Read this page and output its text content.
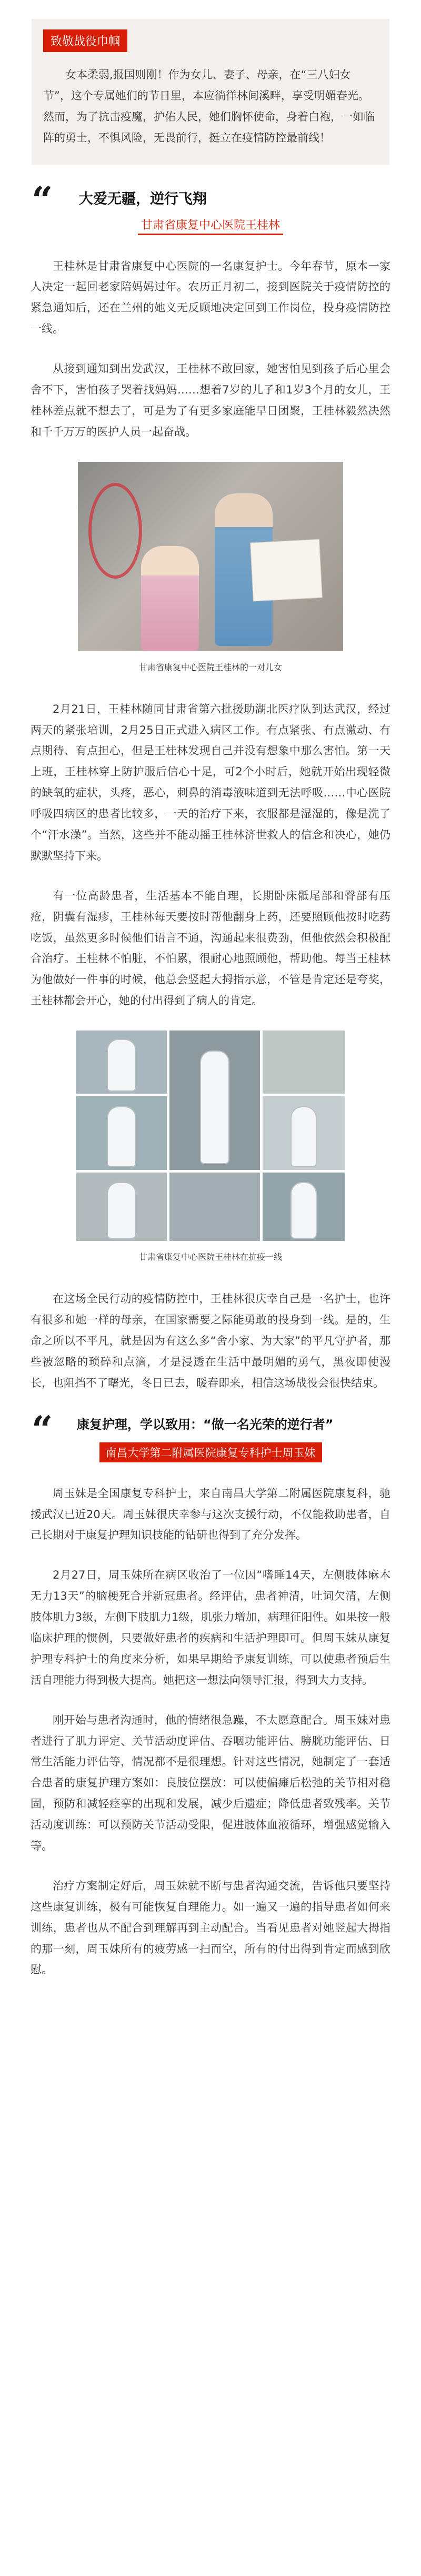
致敬战役巾帼
女本柔弱,报国则刚！作为女儿、妻子、母亲，在“三八妇女节”，这个专属她们的节日里，本应徜徉林间溪畔，享受明媚春光。然而，为了抗击疫魔，护佑人民，她们胸怀使命，身着白袍，一如临阵的勇士，不惧风险，无畏前行，挺立在疫情防控最前线！
“	大爱无疆，逆行飞翔
甘肃省康复中心医院王桂林

王桂林是甘肃省康复中心医院的一名康复护士。今年春节，原本一家人决定一起回老家陪妈妈过年。农历正月初二，接到医院关于疫情防控的紧急通知后，还在兰州的她义无反顾地决定回到工作岗位，投身疫情防控一线。

从接到通知到出发武汉，王桂林不敢回家，她害怕见到孩子后心里会舍不下，害怕孩子哭着找妈妈……想着7岁的儿子和1岁3个月的女儿，王桂林差点就不想去了，可是为了有更多家庭能早日团聚，王桂林毅然决然和千千万万的医护人员一起奋战。

甘肃省康复中心医院王桂林的一对儿女

2月21日，王桂林随同甘肃省第六批援助湖北医疗队到达武汉，经过两天的紧张培训，2月25日正式进入病区工作。有点紧张、有点激动、有点期待、有点担心，但是王桂林发现自己并没有想象中那么害怕。第一天上班，王桂林穿上防护服后信心十足，可2个小时后，她就开始出现轻微的缺氧的症状，头疼，恶心，刺鼻的消毒液味道到无法呼吸……中心医院呼吸四病区的患者比较多，一天的治疗下来，衣服都是湿湿的，像是洗了个“汗水澡”。当然，这些并不能动摇王桂林济世救人的信念和决心，她仍默默坚持下来。

有一位高龄患者，生活基本不能自理，长期卧床骶尾部和臀部有压疮，阴囊有湿疹，王桂林每天要按时帮他翻身上药，还要照顾他按时吃药吃饭，虽然更多时候他们语言不通，沟通起来很费劲，但他依然会积极配合治疗。王桂林不怕脏，不怕累，很耐心地照顾他，帮助他。每当王桂林为他做好一件事的时候，他总会竖起大拇指示意，不管是肯定还是夸奖，王桂林都会开心，她的付出得到了病人的肯定。

甘肃省康复中心医院王桂林在抗疫一线

在这场全民行动的疫情防控中，王桂林很庆幸自己是一名护士，也许有很多和她一样的母亲，在国家需要之际能勇敢的投身到一线。是的，生命之所以不平凡，就是因为有这么多“舍小家、为大家”的平凡守护者，那些被忽略的琐碎和点滴，才是浸透在生活中最明媚的勇气，黑夜即使漫长，也阻挡不了曙光，冬日已去，暖春即来，相信这场战役会很快结束。

“	康复护理，学以致用：“做一名光荣的逆行者”
南昌大学第二附属医院康复专科护士周玉妹

周玉妹是全国康复专科护士，来自南昌大学第二附属医院康复科，驰援武汉已近20天。周玉妹很庆幸参与这次支援行动，不仅能救助患者，自己长期对于康复护理知识技能的钻研也得到了充分发挥。

2月27日，周玉妹所在病区收治了一位因“嗜睡14天，左侧肢体麻木无力13天”的脑梗死合并新冠患者。经评估，患者神清，吐词欠清，左侧肢体肌力3级，左侧下肢肌力1级，肌张力增加，病理征阳性。如果按一般临床护理的惯例，只要做好患者的疾病和生活护理即可。但周玉妹从康复护理专科护士的角度来分析，如果早期给予康复训练，可以使患者预后生活自理能力得到极大提高。她把这一想法向领导汇报，得到大力支持。

刚开始与患者沟通时，他的情绪很急躁，不太愿意配合。周玉妹对患者进行了肌力评定、关节活动度评估、吞咽功能评估、膀胱功能评估、日常生活能力评估等，情况都不是很理想。针对这些情况，她制定了一套适合患者的康复护理方案如：良肢位摆放：可以使偏瘫后松弛的关节相对稳固，预防和减轻痉挛的出现和发展，减少后遗症；降低患者致残率。关节活动度训练：可以预防关节活动受限，促进肢体血液循环，增强感觉输入等。

治疗方案制定好后，周玉妹就不断与患者沟通交流，告诉他只要坚持这些康复训练，极有可能恢复自理能力。如一遍又一遍的指导患者如何来训练，患者也从不配合到理解再到主动配合。当看见患者对她竖起大拇指的那一刻，周玉妹所有的疲劳感一扫而空，所有的付出得到肯定而感到欣慰。
